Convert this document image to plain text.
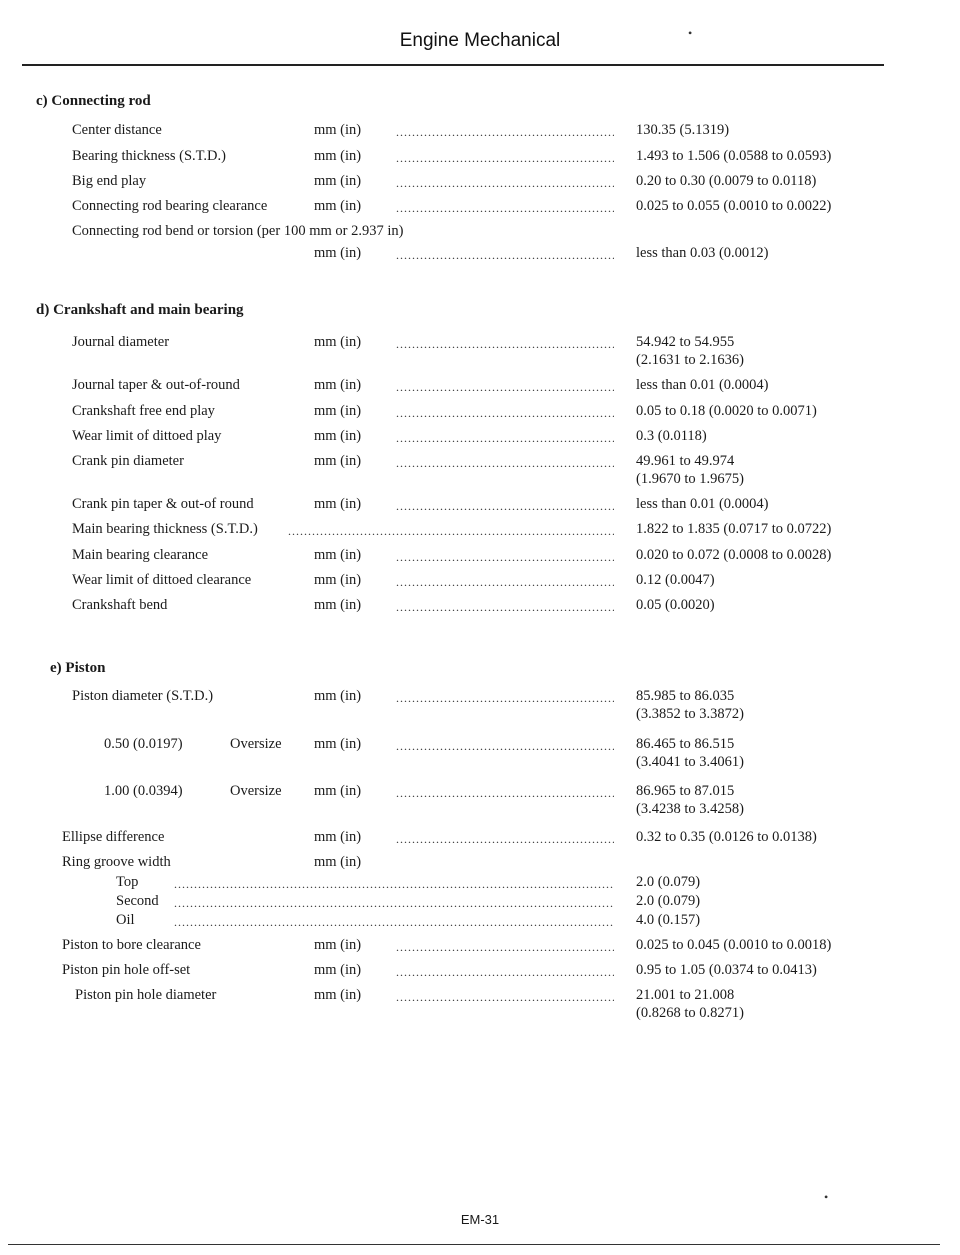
Engine Mechanical	•
c) Connecting rod
Center distance	mm (in) .....	130.35 (5.1319)
Bearing thickness (S.T.D.)	mm (in) .....	1.493 to 1.506 (0.0588 to 0.0593)
Big end play	mm (in) .....	0.20 to 0.30 (0.0079 to 0.0118)
Connecting rod bearing clearance	mm (in) .....	0.025 to 0.055 (0.0010 to 0.0022)
Connecting rod bend or torsion (per 100 mm or 2.937 in)
mm (in) .....	less than 0.03 (0.0012)
d) Crankshaft and main bearing
Journal diameter	mm (in) .....	54.942 to 54.955
(2.1631 to 2.1636)
Journal taper & out-of-round	mm (in) .....	less than 0.01 (0.0004)
Crankshaft free end play	mm (in) .....	0.05 to 0.18 (0.0020 to 0.0071)
Wear limit of dittoed play	mm (in) .....	0.3 (0.0118)
Crank pin diameter	mm (in) .....	49.961 to 49.974
(1.9670 to 1.9675)
Crank pin taper & out-of round	mm (in) .....	less than 0.01 (0.0004)
Main bearing thickness (S.T.D.) .....	1.822 to 1.835 (0.0717 to 0.0722)
Main bearing clearance	mm (in) .....	0.020 to 0.072 (0.0008 to 0.0028)
Wear limit of dittoed clearance	mm (in) .....	0.12 (0.0047)
Crankshaft bend	mm (in) .....	0.05 (0.0020)
e) Piston
Piston diameter (S.T.D.)	mm (in) .....	85.985 to 86.035
(3.3852 to 3.3872)
0.50 (0.0197)	Oversize mm (in) .....	86.465 to 86.515
(3.4041 to 3.4061)
1.00 (0.0394)	Oversize mm (in) .....	86.965 to 87.015
(3.4238 to 3.4258)
Ellipse difference	mm (in) .....	0.32 to 0.35 (0.0126 to 0.0138)
Ring groove width	mm (in)
Top .....	2.0 (0.079)
Second .....	2.0 (0.079)
Oil .....	4.0 (0.157)
Piston to bore clearance	mm (in) .....	0.025 to 0.045 (0.0010 to 0.0018)
Piston pin hole off-set	mm (in) .....	0.95 to 1.05 (0.0374 to 0.0413)
Piston pin hole diameter	mm (in) .....	21.001 to 21.008
(0.8268 to 0.8271)
•
EM-31
